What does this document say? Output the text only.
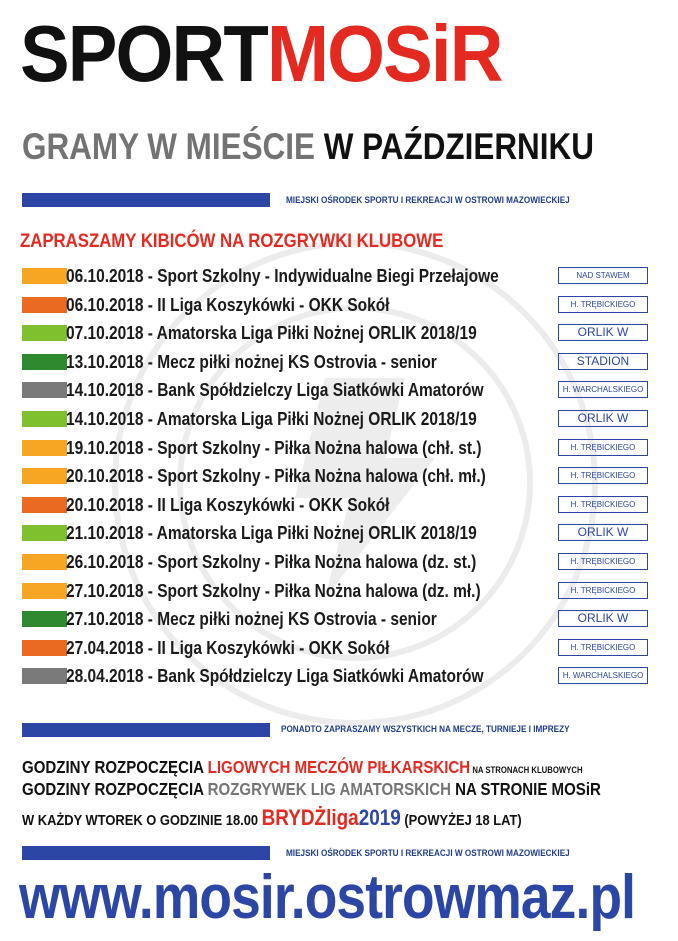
SPORTMOSiR
GRAMY W MIEŚCIE W PAŹDZIERNIKU
MIEJSKI OŚRODEK SPORTU I REKREACJI W OSTROWI MAZOWIECKIEJ
ZAPRASZAMY KIBICÓW NA ROZGRYWKI KLUBOWE
06.10.2018 - Sport Szkolny - Indywidualne Biegi Przełajowe	NAD STAWEM
06.10.2018 - II Liga Koszykówki - OKK Sokół	H. TRĘBICKIEGO
07.10.2018 - Amatorska Liga Piłki Nożnej ORLIK 2018/19	ORLIK W
13.10.2018 - Mecz piłki nożnej KS Ostrovia - senior	STADION
14.10.2018 - Bank Spółdzielczy Liga Siatkówki Amatorów	H. WARCHALSKIEGO
14.10.2018 - Amatorska Liga Piłki Nożnej ORLIK 2018/19	ORLIK W
19.10.2018 - Sport Szkolny - Piłka Nożna halowa (chł. st.)	H. TRĘBICKIEGO
20.10.2018 - Sport Szkolny - Piłka Nożna halowa (chł. mł.)	H. TRĘBICKIEGO
20.10.2018 - II Liga Koszykówki - OKK Sokół	H. TRĘBICKIEGO
21.10.2018 - Amatorska Liga Piłki Nożnej ORLIK 2018/19	ORLIK W
26.10.2018 - Sport Szkolny - Piłka Nożna halowa (dz. st.)	H. TRĘBICKIEGO
27.10.2018 - Sport Szkolny - Piłka Nożna halowa (dz. mł.)	H. TRĘBICKIEGO
27.10.2018 - Mecz piłki nożnej KS Ostrovia - senior	ORLIK W
27.04.2018 - II Liga Koszykówki - OKK Sokół	H. TRĘBICKIEGO
28.04.2018 - Bank Spółdzielczy Liga Siatkówki Amatorów	H. WARCHALSKIEGO
PONADTO ZAPRASZAMY WSZYSTKICH NA MECZE, TURNIEJE I IMPREZY
GODZINY ROZPOCZĘCIA LIGOWYCH MECZÓW PIŁKARSKICH NA STRONACH KLUBOWYCH
GODZINY ROZPOCZĘCIA ROZGRYWEK LIG AMATORSKICH NA STRONIE MOSiR
W KAŻDY WTOREK O GODZINIE 18.00 BRYDŻliga2019 (POWYŻEJ 18 LAT)
MIEJSKI OŚRODEK SPORTU I REKREACJI W OSTROWI MAZOWIECKIEJ
www.mosir.ostrowmaz.pl
